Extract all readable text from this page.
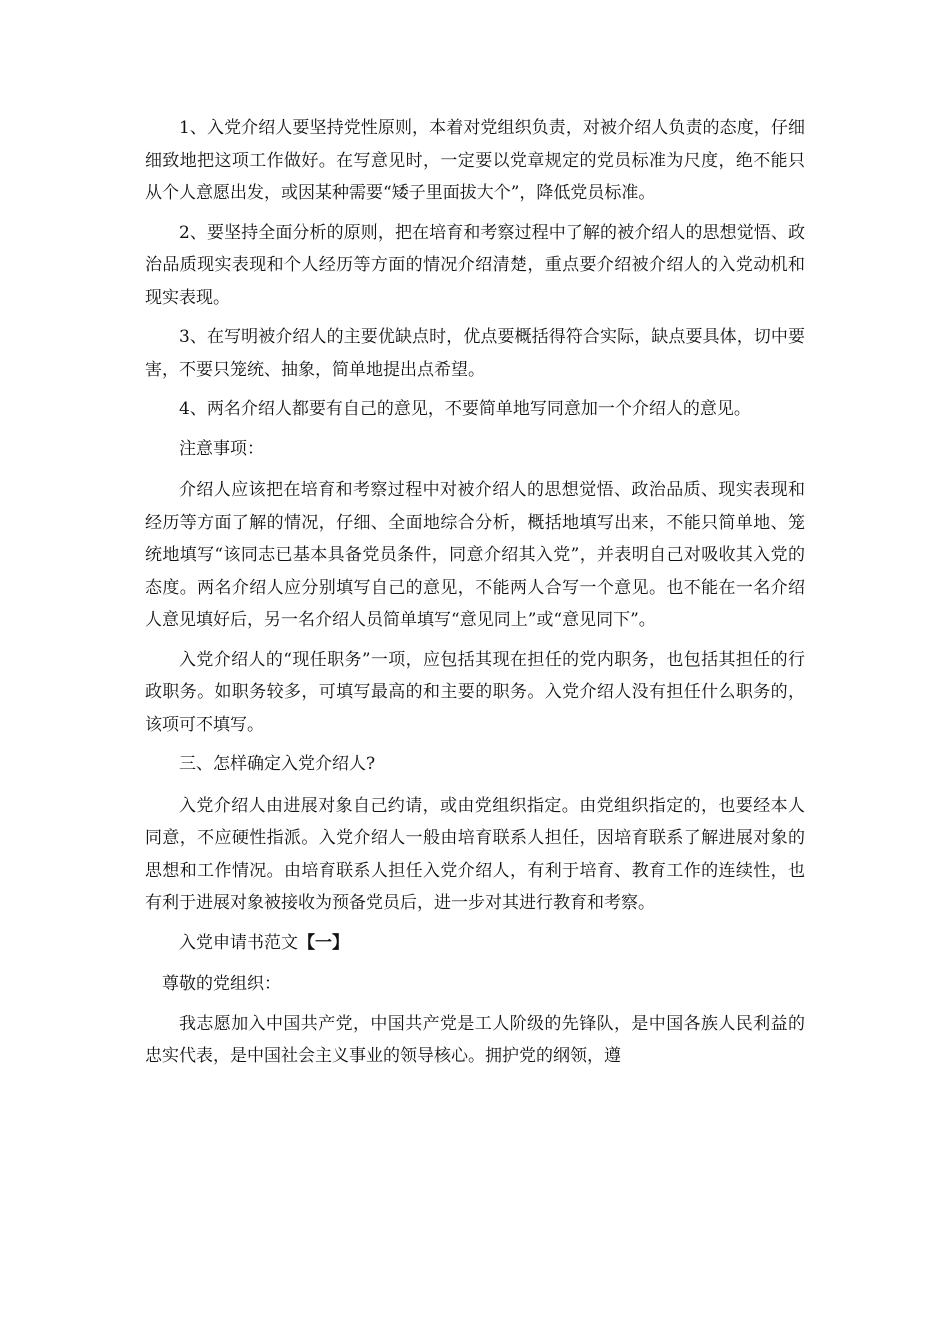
1、入党介绍人要坚持党性原则，本着对党组织负责，对被介绍人负责的态度，仔细细致地把这项工作做好。在写意见时，一定要以党章规定的党员标准为尺度，绝不能只从个人意愿出发，或因某种需要“矮子里面拔大个”，降低党员标准。

2、要坚持全面分析的原则，把在培育和考察过程中了解的被介绍人的思想觉悟、政治品质现实表现和个人经历等方面的情况介绍清楚，重点要介绍被介绍人的入党动机和现实表现。

3、在写明被介绍人的主要优缺点时，优点要概括得符合实际，缺点要具体，切中要害，不要只笼统、抽象，简单地提出点希望。

4、两名介绍人都要有自己的意见，不要简单地写同意加一个介绍人的意见。

注意事项：

介绍人应该把在培育和考察过程中对被介绍人的思想觉悟、政治品质、现实表现和经历等方面了解的情况，仔细、全面地综合分析，概括地填写出来，不能只简单地、笼统地填写“该同志已基本具备党员条件，同意介绍其入党”，并表明自己对吸收其入党的态度。两名介绍人应分别填写自己的意见，不能两人合写一个意见。也不能在一名介绍人意见填好后，另一名介绍人员简单填写“意见同上”或“意见同下”。

入党介绍人的“现任职务”一项，应包括其现在担任的党内职务，也包括其担任的行政职务。如职务较多，可填写最高的和主要的职务。入党介绍人没有担任什么职务的，该项可不填写。

三、怎样确定入党介绍人?

入党介绍人由进展对象自己约请，或由党组织指定。由党组织指定的，也要经本人同意，不应硬性指派。入党介绍人一般由培育联系人担任，因培育联系了解进展对象的思想和工作情况。由培育联系人担任入党介绍人，有利于培育、教育工作的连续性，也有利于进展对象被接收为预备党员后，进一步对其进行教育和考察。

入党申请书范文【一】

尊敬的党组织：

我志愿加入中国共产党，中国共产党是工人阶级的先锋队，是中国各族人民利益的忠实代表，是中国社会主义事业的领导核心。拥护党的纲领，遵
